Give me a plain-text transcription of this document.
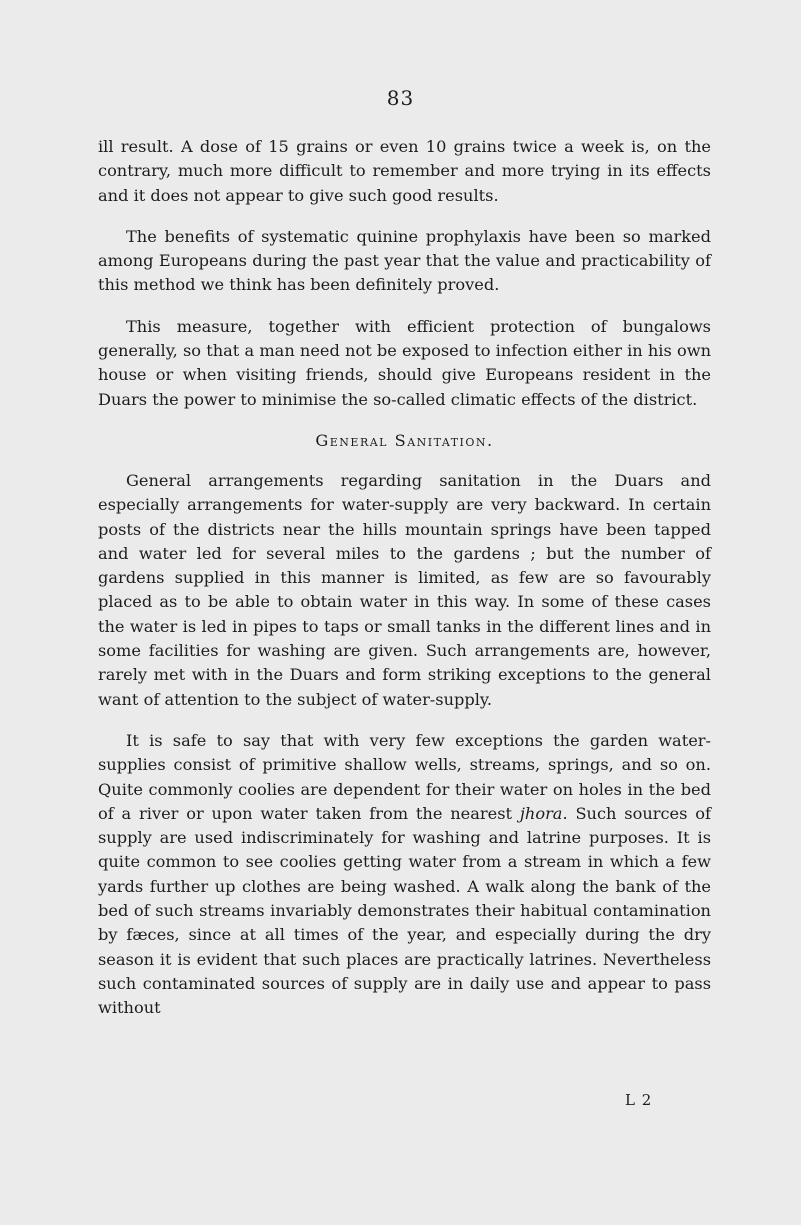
83

ill result. A dose of 15 grains or even 10 grains twice a week is, on the contrary, much more difficult to remember and more trying in its effects and it does not appear to give such good results.

The benefits of systematic quinine prophylaxis have been so marked among Europeans during the past year that the value and practicability of this method we think has been definitely proved.

This measure, together with efficient protection of bungalows generally, so that a man need not be exposed to infection either in his own house or when visiting friends, should give Europeans resident in the Duars the power to minimise the so-called climatic effects of the district.

General Sanitation.

General arrangements regarding sanitation in the Duars and especially arrangements for water-supply are very backward. In certain posts of the districts near the hills mountain springs have been tapped and water led for several miles to the gardens ; but the number of gardens supplied in this manner is limited, as few are so favourably placed as to be able to obtain water in this way. In some of these cases the water is led in pipes to taps or small tanks in the different lines and in some facilities for washing are given. Such arrangements are, however, rarely met with in the Duars and form striking exceptions to the general want of attention to the subject of water-supply.

It is safe to say that with very few exceptions the garden water-supplies consist of primitive shallow wells, streams, springs, and so on. Quite commonly coolies are dependent for their water on holes in the bed of a river or upon water taken from the nearest jhora. Such sources of supply are used indiscriminately for washing and latrine purposes. It is quite common to see coolies getting water from a stream in which a few yards further up clothes are being washed. A walk along the bank of the bed of such streams invariably demonstrates their habitual contamination by fæces, since at all times of the year, and especially during the dry season it is evident that such places are practically latrines. Nevertheless such contaminated sources of supply are in daily use and appear to pass without

L 2
